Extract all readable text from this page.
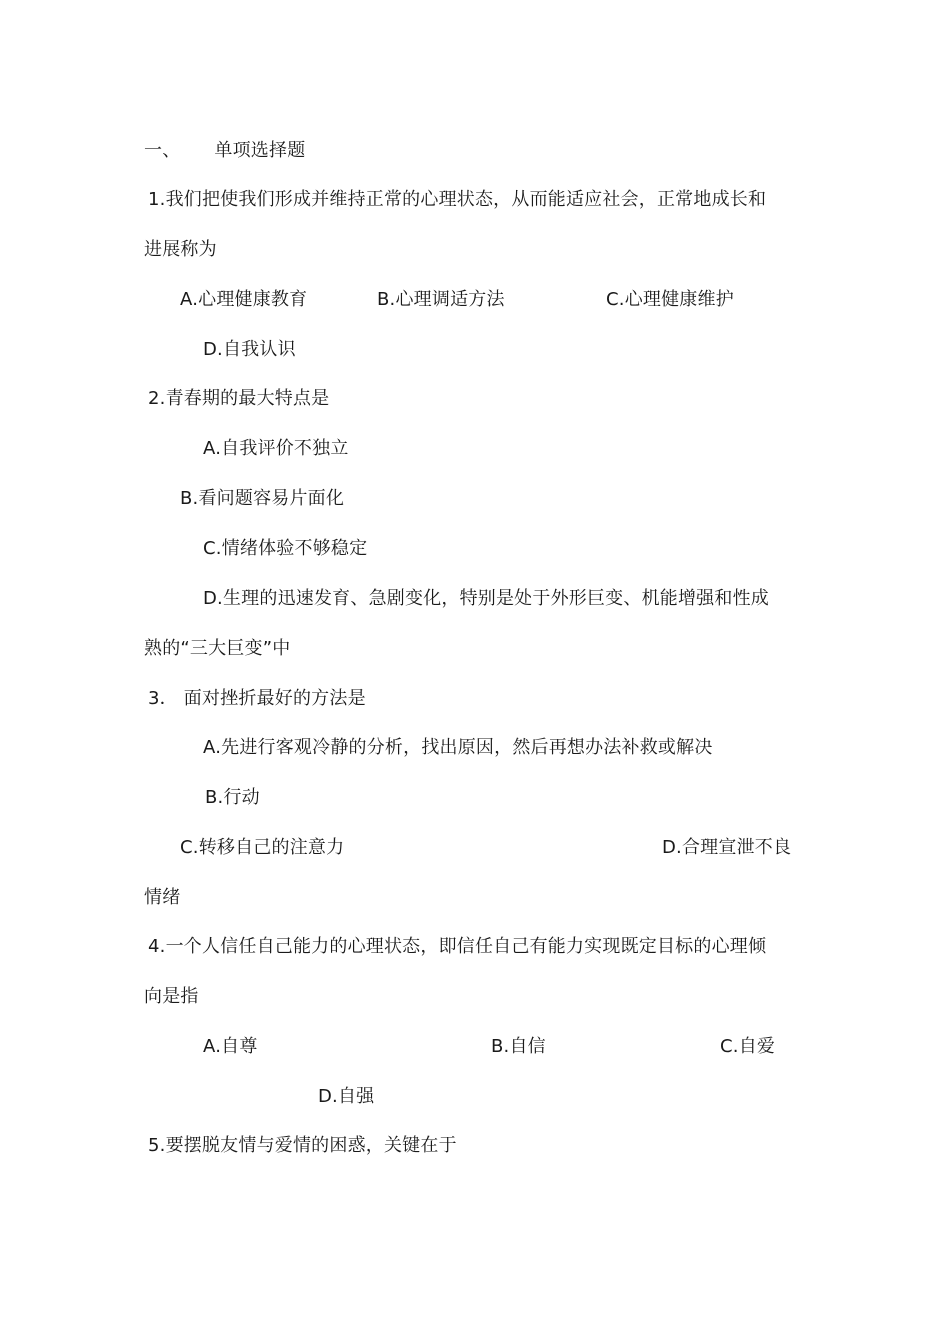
一、 单项选择题
1.我们把使我们形成并维持正常的心理状态，从而能适应社会，正常地成长和
进展称为
A.心理健康教育	B.心理调适方法	C.心理健康维护
D.自我认识
2.青春期的最大特点是
A.自我评价不独立
B.看问题容易片面化
C.情绪体验不够稳定
D.生理的迅速发育、急剧变化，特别是处于外形巨变、机能增强和性成
熟的“三大巨变”中
3． 面对挫折最好的方法是
A.先进行客观冷静的分析，找出原因，然后再想办法补救或解决
B.行动
C.转移自己的注意力	D.合理宣泄不良
情绪
4.一个人信任自己能力的心理状态，即信任自己有能力实现既定目标的心理倾
向是指
A.自尊	B.自信	C.自爱
D.自强
5.要摆脱友情与爱情的困惑，关键在于
